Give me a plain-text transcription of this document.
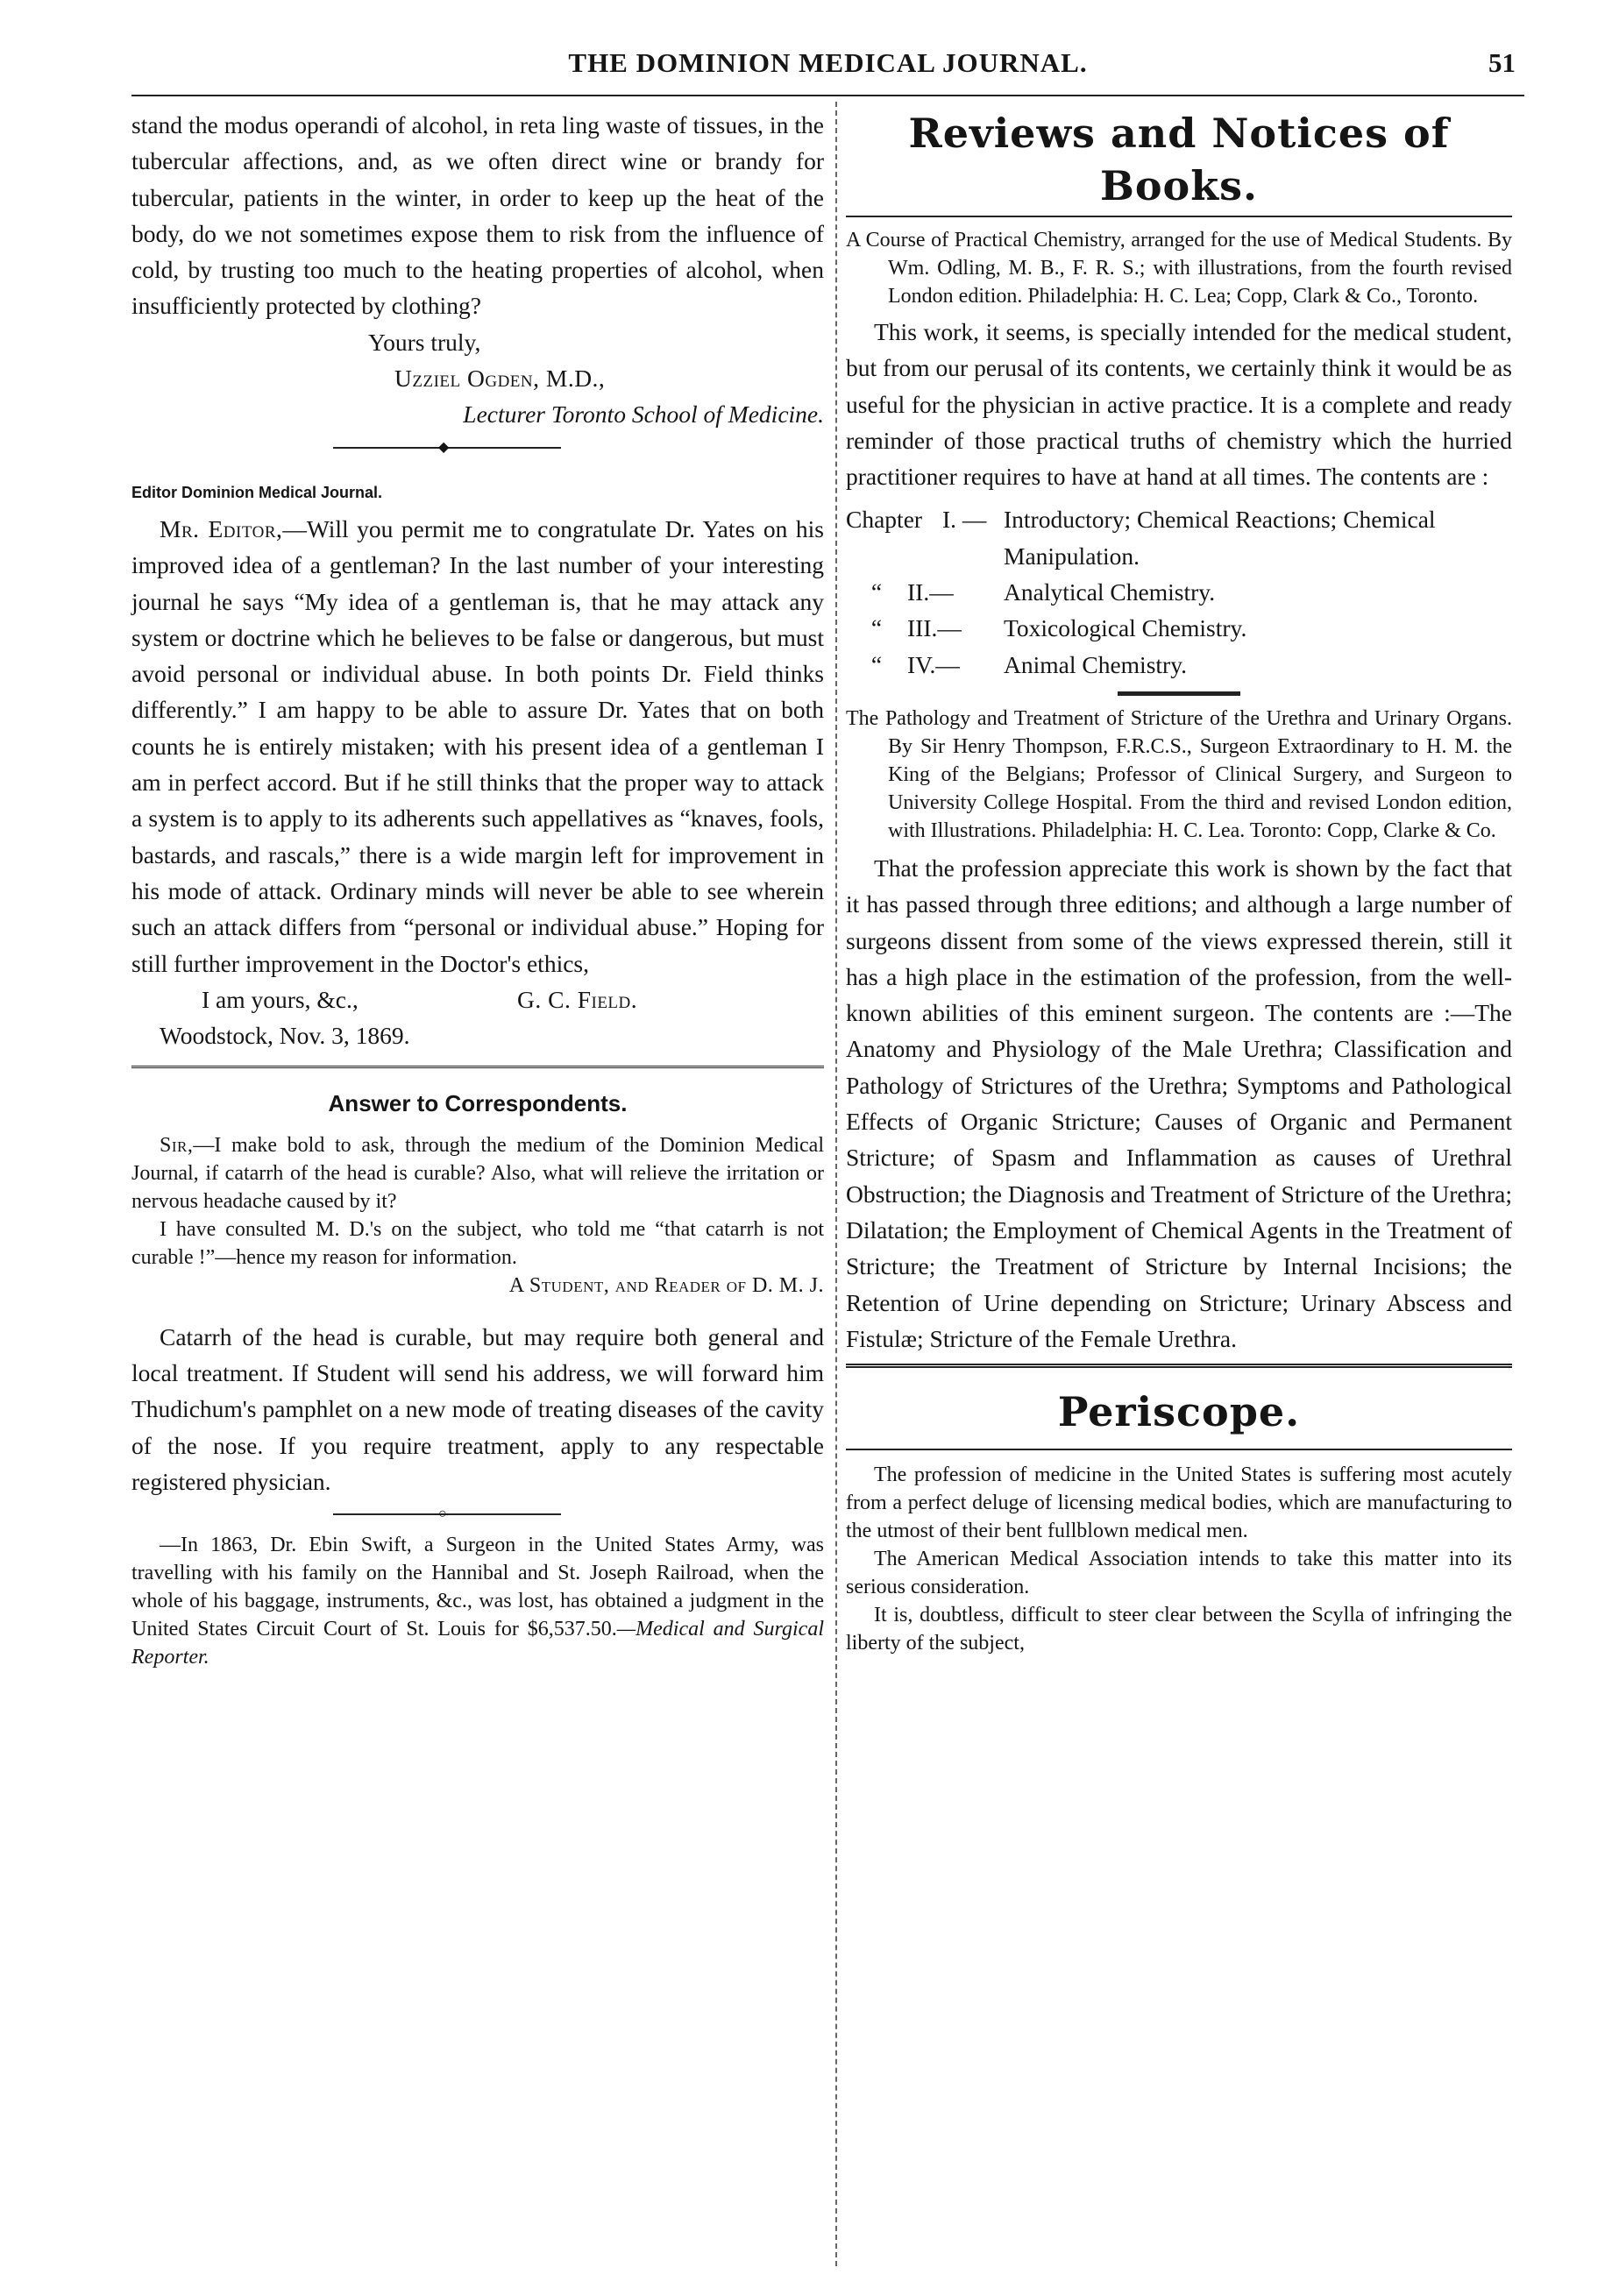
THE DOMINION MEDICAL JOURNAL.	51

stand the modus operandi of alcohol, in reta ling waste of tissues, in the tubercular affections, and, as we often direct wine or brandy for tubercular, patients in the winter, in order to keep up the heat of the body, do we not sometimes expose them to risk from the influence of cold, by trusting too much to the heating properties of alcohol, when insufficiently protected by clothing?

Yours truly,

Uzziel Ogden, M.D.,

Lecturer Toronto School of Medicine.

◆

Editor Dominion Medical Journal.

Mr. Editor,—Will you permit me to congratulate Dr. Yates on his improved idea of a gentleman? In the last number of your interesting journal he says “My idea of a gentleman is, that he may attack any system or doctrine which he believes to be false or dangerous, but must avoid personal or individual abuse. In both points Dr. Field thinks differently.” I am happy to be able to assure Dr. Yates that on both counts he is entirely mistaken; with his present idea of a gentleman I am in perfect accord. But if he still thinks that the proper way to attack a system is to apply to its adherents such appellatives as “knaves, fools, bastards, and rascals,” there is a wide margin left for improvement in his mode of attack. Ordinary minds will never be able to see wherein such an attack differs from “personal or individual abuse.” Hoping for still further improvement in the Doctor's ethics,

I am yours, &c.,	G. C. Field.

Woodstock, Nov. 3, 1869.

Answer to Correspondents.

Sir,—I make bold to ask, through the medium of the Dominion Medical Journal, if catarrh of the head is curable? Also, what will relieve the irritation or nervous headache caused by it?

I have consulted M. D.'s on the subject, who told me “that catarrh is not curable !”—hence my reason for information.

A Student, and Reader of D. M. J.

Catarrh of the head is curable, but may require both general and local treatment. If Student will send his address, we will forward him Thudichum's pamphlet on a new mode of treating diseases of the cavity of the nose. If you require treatment, apply to any respectable registered physician.

○

—In 1863, Dr. Ebin Swift, a Surgeon in the United States Army, was travelling with his family on the Hannibal and St. Joseph Railroad, when the whole of his baggage, instruments, &c., was lost, has obtained a judgment in the United States Circuit Court of St. Louis for $6,537.50.—Medical and Surgical Reporter.

Reviews and Notices of Books.

A Course of Practical Chemistry, arranged for the use of Medical Students. By Wm. Odling, M. B., F. R. S.; with illustrations, from the fourth revised London edition. Philadelphia: H. C. Lea; Copp, Clark & Co., Toronto.

This work, it seems, is specially intended for the medical student, but from our perusal of its contents, we certainly think it would be as useful for the physician in active practice. It is a complete and ready reminder of those practical truths of chemistry which the hurried practitioner requires to have at hand at all times. The contents are :

Chapter I. — Introductory; Chemical Reactions; Chemical Manipulation.
“	II.—	Analytical Chemistry.
“	III.—	Toxicological Chemistry.
“	IV.—	Animal Chemistry.

The Pathology and Treatment of Stricture of the Urethra and Urinary Organs. By Sir Henry Thompson, F.R.C.S., Surgeon Extraordinary to H. M. the King of the Belgians; Professor of Clinical Surgery, and Surgeon to University College Hospital. From the third and revised London edition, with Illustrations. Philadelphia: H. C. Lea. Toronto: Copp, Clarke & Co.

That the profession appreciate this work is shown by the fact that it has passed through three editions; and although a large number of surgeons dissent from some of the views expressed therein, still it has a high place in the estimation of the profession, from the well-known abilities of this eminent surgeon. The contents are :—The Anatomy and Physiology of the Male Urethra; Classification and Pathology of Strictures of the Urethra; Symptoms and Pathological Effects of Organic Stricture; Causes of Organic and Permanent Stricture; of Spasm and Inflammation as causes of Urethral Obstruction; the Diagnosis and Treatment of Stricture of the Urethra; Dilatation; the Employment of Chemical Agents in the Treatment of Stricture; the Treatment of Stricture by Internal Incisions; the Retention of Urine depending on Stricture; Urinary Abscess and Fistulæ; Stricture of the Female Urethra.

Periscope.

The profession of medicine in the United States is suffering most acutely from a perfect deluge of licensing medical bodies, which are manufacturing to the utmost of their bent fullblown medical men.

The American Medical Association intends to take this matter into its serious consideration.

It is, doubtless, difficult to steer clear between the Scylla of infringing the liberty of the subject,
